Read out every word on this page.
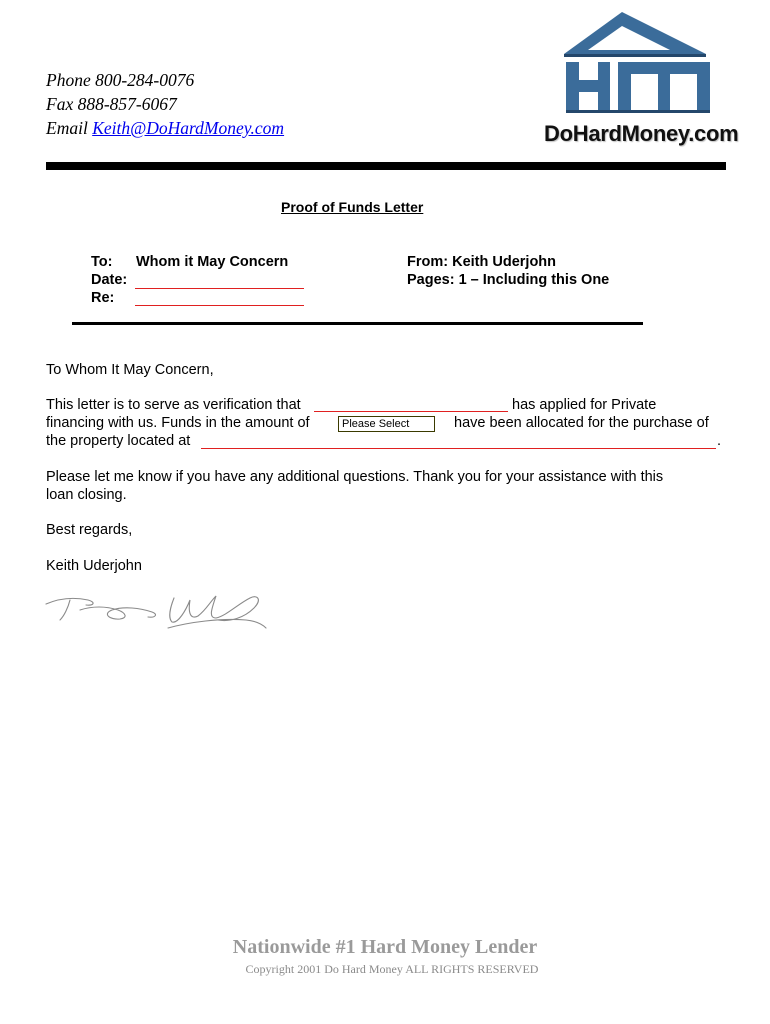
Phone 800-284-0076
Fax 888-857-6067
Email Keith@DoHardMoney.com	DoHardMoney.com
Proof of Funds Letter
To: Whom it May Concern
Date:
Re:
From: Keith Uderjohn
Pages: 1 – Including this One
To Whom It May Concern,
This letter is to serve as verification that	has applied for Private
financing with us. Funds in the amount of	Please Select	have been allocated for the purchase of
the property located at	.
Please let me know if you have any additional questions. Thank you for your assistance with this
loan closing.
Best regards,
Keith Uderjohn
Nationwide #1 Hard Money Lender
Copyright 2001 Do Hard Money ALL RIGHTS RESERVED
